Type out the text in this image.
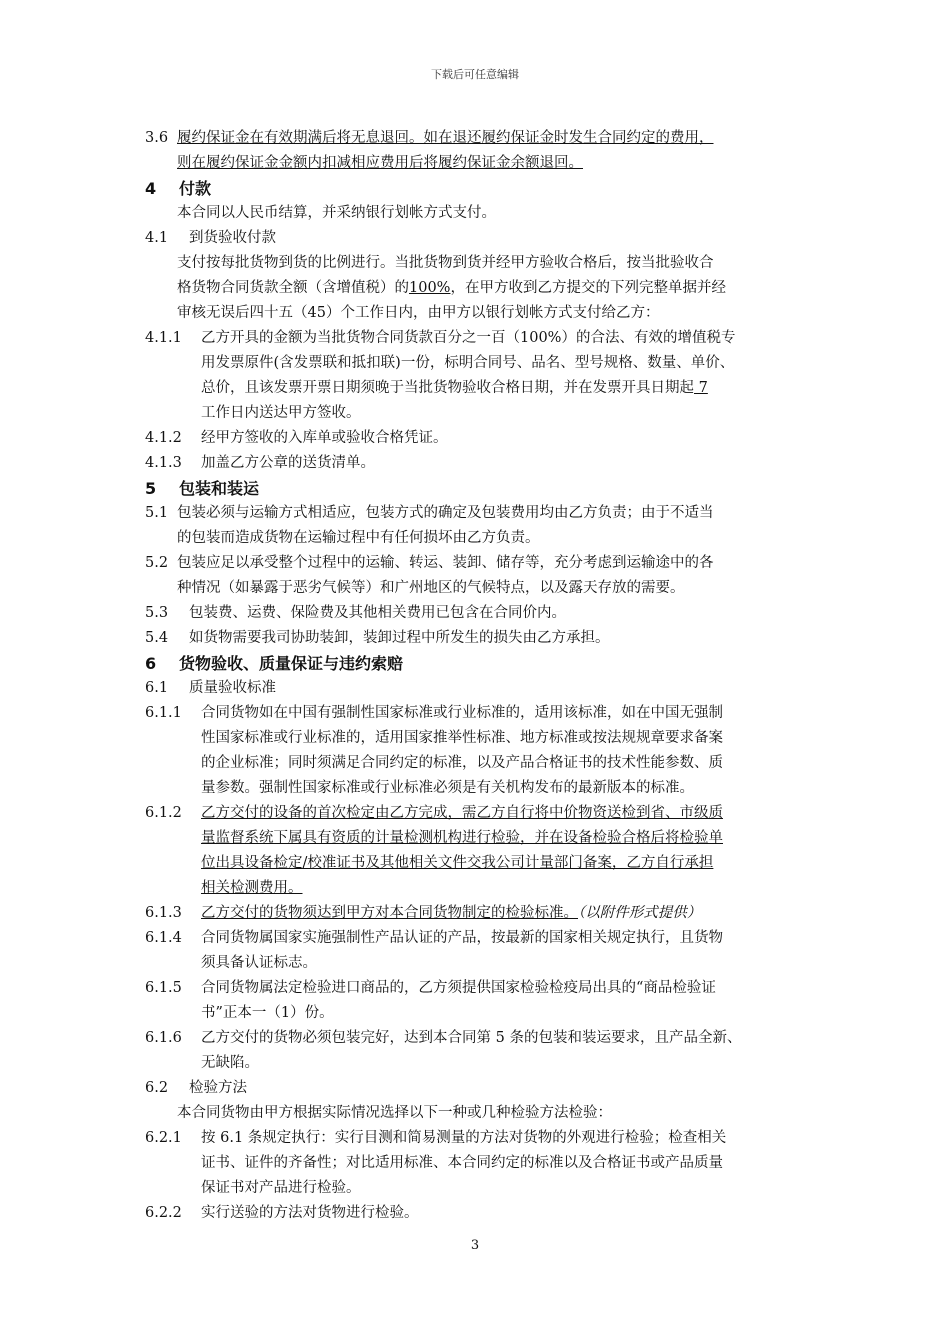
下载后可任意编辑
3.6 履约保证金在有效期满后将无息退回。如在退还履约保证金时发生合同约定的费用，
则在履约保证金金额内扣减相应费用后将履约保证金余额退回。
4 付款
本合同以人民币结算，并采纳银行划帐方式支付。
4.1 到货验收付款
支付按每批货物到货的比例进行。当批货物到货并经甲方验收合格后，按当批验收合
格货物合同货款全额（含增值税）的100%，在甲方收到乙方提交的下列完整单据并经
审核无误后四十五（45）个工作日内，由甲方以银行划帐方式支付给乙方：
4.1.1 乙方开具的金额为当批货物合同货款百分之一百（100%）的合法、有效的增值税专
用发票原件(含发票联和抵扣联)一份，标明合同号、品名、型号规格、数量、单价、
总价，且该发票开票日期须晚于当批货物验收合格日期，并在发票开具日期起 7
工作日内送达甲方签收。
4.1.2 经甲方签收的入库单或验收合格凭证。
4.1.3 加盖乙方公章的送货清单。
5 包装和装运
5.1 包装必须与运输方式相适应，包装方式的确定及包装费用均由乙方负责；由于不适当
的包装而造成货物在运输过程中有任何损坏由乙方负责。
5.2 包装应足以承受整个过程中的运输、转运、装卸、储存等，充分考虑到运输途中的各
种情况（如暴露于恶劣气候等）和广州地区的气候特点，以及露天存放的需要。
5.3 包装费、运费、保险费及其他相关费用已包含在合同价内。
5.4 如货物需要我司协助装卸，装卸过程中所发生的损失由乙方承担。
6 货物验收、质量保证与违约索赔
6.1 质量验收标准
6.1.1 合同货物如在中国有强制性国家标准或行业标准的，适用该标准，如在中国无强制
性国家标准或行业标准的，适用国家推举性标准、地方标准或按法规规章要求备案
的企业标准；同时须满足合同约定的标准，以及产品合格证书的技术性能参数、质
量参数。强制性国家标准或行业标准必须是有关机构发布的最新版本的标准。
6.1.2 乙方交付的设备的首次检定由乙方完成，需乙方自行将中价物资送检到省、市级质
量监督系统下属具有资质的计量检测机构进行检验，并在设备检验合格后将检验单
位出具设备检定/校准证书及其他相关文件交我公司计量部门备案，乙方自行承担
相关检测费用。
6.1.3 乙方交付的货物须达到甲方对本合同货物制定的检验标准。（以附件形式提供）
6.1.4 合同货物属国家实施强制性产品认证的产品，按最新的国家相关规定执行，且货物
须具备认证标志。
6.1.5 合同货物属法定检验进口商品的，乙方须提供国家检验检疫局出具的“商品检验证
书”正本一（1）份。
6.1.6 乙方交付的货物必须包装完好，达到本合同第 5 条的包装和装运要求，且产品全新、
无缺陷。
6.2 检验方法
本合同货物由甲方根据实际情况选择以下一种或几种检验方法检验：
6.2.1 按 6.1 条规定执行：实行目测和简易测量的方法对货物的外观进行检验；检查相关
证书、证件的齐备性；对比适用标准、本合同约定的标准以及合格证书或产品质量
保证书对产品进行检验。
6.2.2 实行送验的方法对货物进行检验。
3
